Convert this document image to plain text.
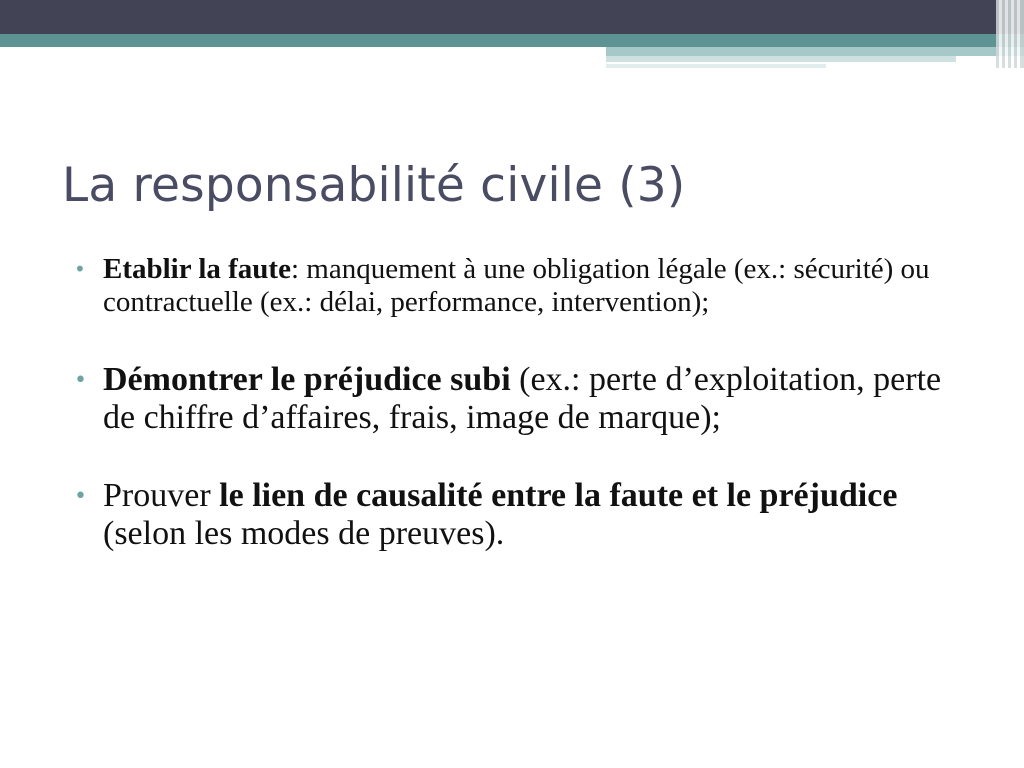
La responsabilité civile (3)
• Etablir la faute: manquement à une obligation légale (ex.: sécurité) ou contractuelle (ex.: délai, performance, intervention);
• Démontrer le préjudice subi (ex.: perte d’exploitation, perte de chiffre d’affaires, frais, image de marque);
• Prouver le lien de causalité entre la faute et le préjudice (selon les modes de preuves).
